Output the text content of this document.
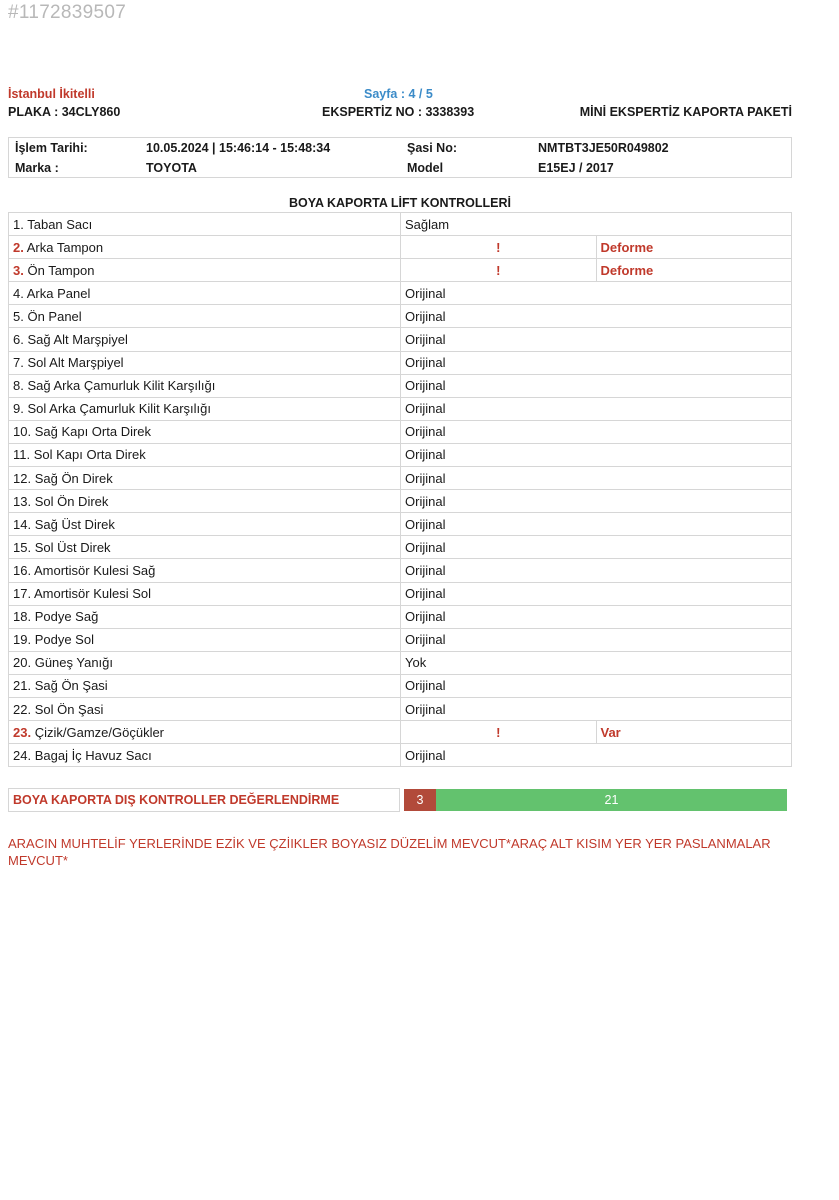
#1172839507
İstanbul İkitelli	Sayfa : 4 / 5
PLAKA : 34CLY860	EKSPERTİZ NO : 3338393	MİNİ EKSPERTİZ KAPORTA PAKETİ
İşlem Tarihi:	10.05.2024 | 15:46:14 - 15:48:34	Şasi No:	NMTBT3JE50R049802
Marka :	TOYOTA	Model	E15EJ / 2017
BOYA KAPORTA LİFT KONTROLLERİ
1. Taban Sacı	Sağlam	
2. Arka Tampon	!	Deforme
3. Ön Tampon	!	Deforme
4. Arka Panel	Orijinal	
5. Ön Panel	Orijinal	
6. Sağ Alt Marşpiyel	Orijinal	
7. Sol Alt Marşpiyel	Orijinal	
8. Sağ Arka Çamurluk Kilit Karşılığı	Orijinal	
9. Sol Arka Çamurluk Kilit Karşılığı	Orijinal	
10. Sağ Kapı Orta Direk	Orijinal	
11. Sol Kapı Orta Direk	Orijinal	
12. Sağ Ön Direk	Orijinal	
13. Sol Ön Direk	Orijinal	
14. Sağ Üst Direk	Orijinal	
15. Sol Üst Direk	Orijinal	
16. Amortisör Kulesi Sağ	Orijinal	
17. Amortisör Kulesi Sol	Orijinal	
18. Podye Sağ	Orijinal	
19. Podye Sol	Orijinal	
20. Güneş Yanığı	Yok	
21. Sağ Ön Şasi	Orijinal	
22. Sol Ön Şasi	Orijinal	
23. Çizik/Gamze/Göçükler	!	Var
24. Bagaj İç Havuz Sacı	Orijinal	
BOYA KAPORTA DIŞ KONTROLLER DEĞERLENDİRME	3	21
ARACIN MUHTELİF YERLERİNDE EZİK VE ÇZİIKLER BOYASIZ DÜZELİM MEVCUT*ARAÇ ALT KISIM YER YER PASLANMALAR MEVCUT*
